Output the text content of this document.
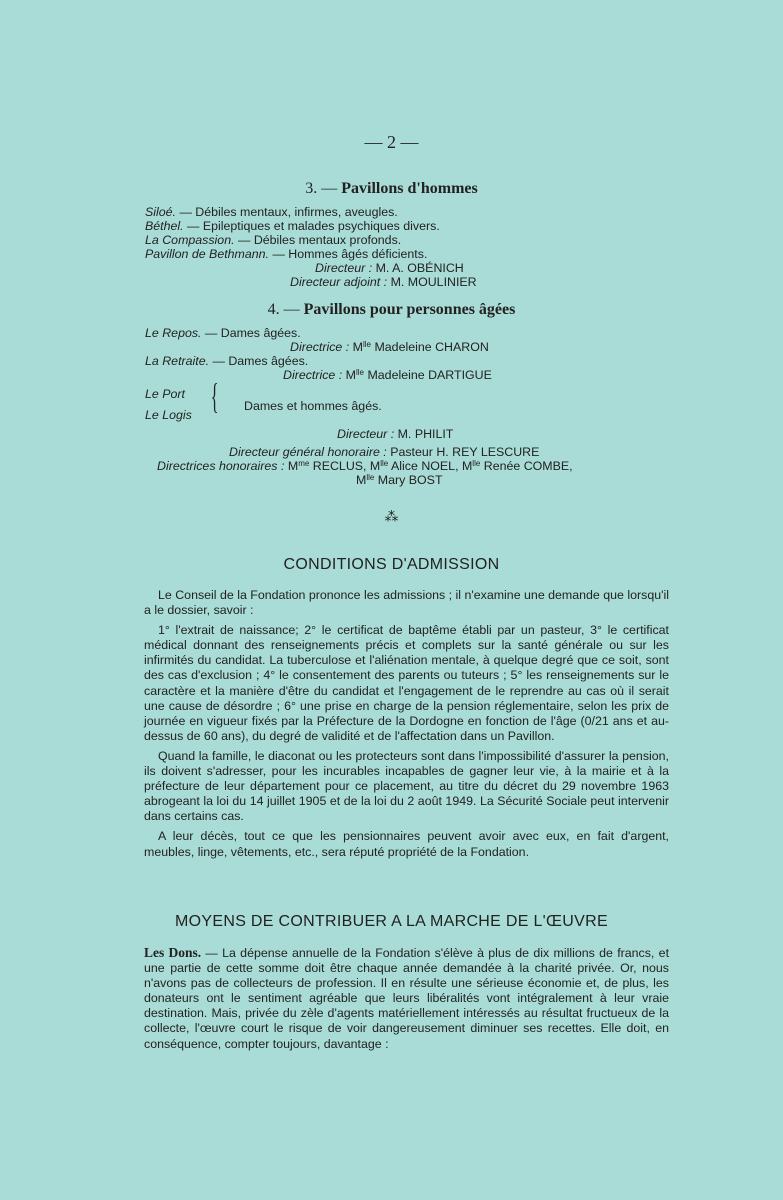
— 2 —
3. — Pavillons d'hommes
Siloé. — Débiles mentaux, infirmes, aveugles.
Béthel. — Epileptiques et malades psychiques divers.
La Compassion. — Débiles mentaux profonds.
Pavillon de Bethmann. — Hommes âgés déficients.
Directeur : M. A. OBÉNICH
Directeur adjoint : M. MOULINIER
4. — Pavillons pour personnes âgées
Le Repos. — Dames âgées.
Directrice : $M^{lle}$ Madeleine CHARON
La Retraite. — Dames âgées.
Directrice : $M^{lle}$ Madeleine DARTIGUE
Le Port
Le Logis { Dames et hommes âgés.
Directeur : M. PHILIT
Directeur général honoraire : Pasteur H. REY LESCURE
Directrices honoraires : $M^{me}$ RECLUS, $M^{lle}$ Alice NOEL, $M^{lle}$ Renée COMBE,
$M^{lle}$ Mary BOST
⁂
CONDITIONS D'ADMISSION

Le Conseil de la Fondation prononce les admissions ; il n'examine une demande que lorsqu'il a le dossier, savoir :

1° l'extrait de naissance; 2° le certificat de baptême établi par un pasteur, 3° le certificat médical donnant des renseignements précis et complets sur la santé générale ou sur les infirmités du candidat. La tuberculose et l'aliénation mentale, à quelque degré que ce soit, sont des cas d'exclusion ; 4° le consentement des parents ou tuteurs ; 5° les renseignements sur le caractère et la manière d'être du candidat et l'engagement de le reprendre au cas où il serait une cause de désordre ; 6° une prise en charge de la pension réglementaire, selon les prix de journée en vigueur fixés par la Préfecture de la Dordogne en fonction de l'âge (0/21 ans et au-dessus de 60 ans), du degré de validité et de l'affectation dans un Pavillon.

Quand la famille, le diaconat ou les protecteurs sont dans l'impossibilité d'assurer la pension, ils doivent s'adresser, pour les incurables incapables de gagner leur vie, à la mairie et à la préfecture de leur département pour ce placement, au titre du décret du 29 novembre 1963 abrogeant la loi du 14 juillet 1905 et de la loi du 2 août 1949. La Sécurité Sociale peut intervenir dans certains cas.

A leur décès, tout ce que les pensionnaires peuvent avoir avec eux, en fait d'argent, meubles, linge, vêtements, etc., sera réputé propriété de la Fondation.

MOYENS DE CONTRIBUER A LA MARCHE DE L'ŒUVRE

Les Dons. — La dépense annuelle de la Fondation s'élève à plus de dix millions de francs, et une partie de cette somme doit être chaque année demandée à la charité privée. Or, nous n'avons pas de collecteurs de profession. Il en résulte une sérieuse économie et, de plus, les donateurs ont le sentiment agréable que leurs libéralités vont intégralement à leur vraie destination. Mais, privée du zèle d'agents matériellement intéressés au résultat fructueux de la collecte, l'œuvre court le risque de voir dangereusement diminuer ses recettes. Elle doit, en conséquence, compter toujours, davantage :
